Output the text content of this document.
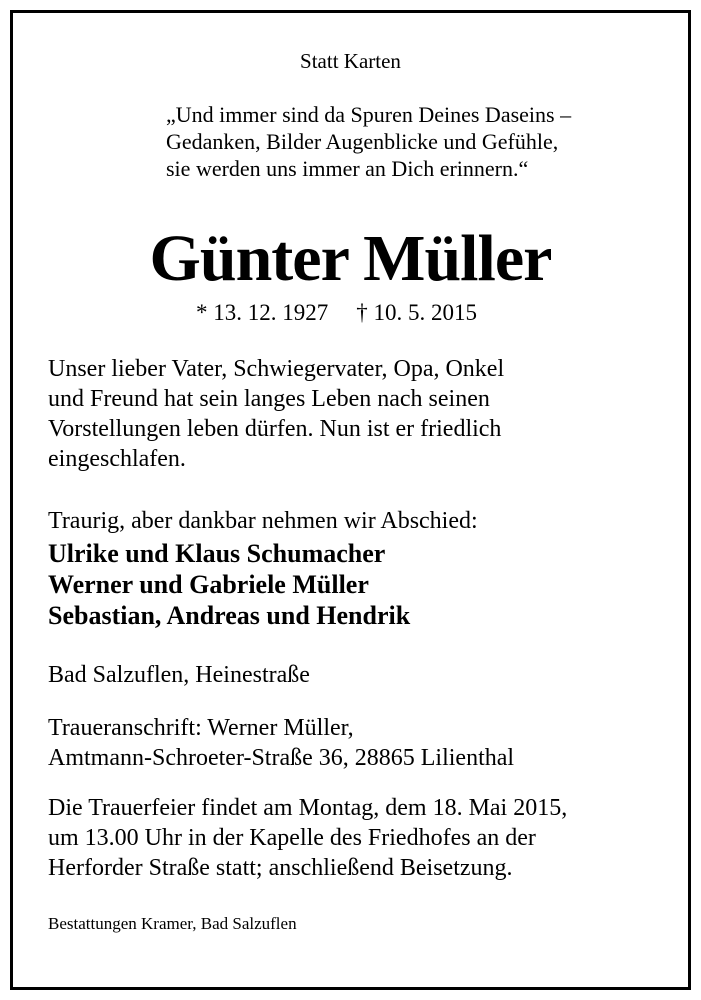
Statt Karten
„Und immer sind da Spuren Deines Daseins –
Gedanken, Bilder Augenblicke und Gefühle,
sie werden uns immer an Dich erinnern.“
Günter Müller
* 13. 12. 1927 † 10. 5. 2015
Unser lieber Vater, Schwiegervater, Opa, Onkel
und Freund hat sein langes Leben nach seinen
Vorstellungen leben dürfen. Nun ist er friedlich
eingeschlafen.
Traurig, aber dankbar nehmen wir Abschied:
Ulrike und Klaus Schumacher
Werner und Gabriele Müller
Sebastian, Andreas und Hendrik
Bad Salzuflen, Heinestraße
Traueranschrift: Werner Müller,
Amtmann-Schroeter-Straße 36, 28865 Lilienthal
Die Trauerfeier findet am Montag, dem 18. Mai 2015,
um 13.00 Uhr in der Kapelle des Friedhofes an der
Herforder Straße statt; anschließend Beisetzung.
Bestattungen Kramer, Bad Salzuflen
